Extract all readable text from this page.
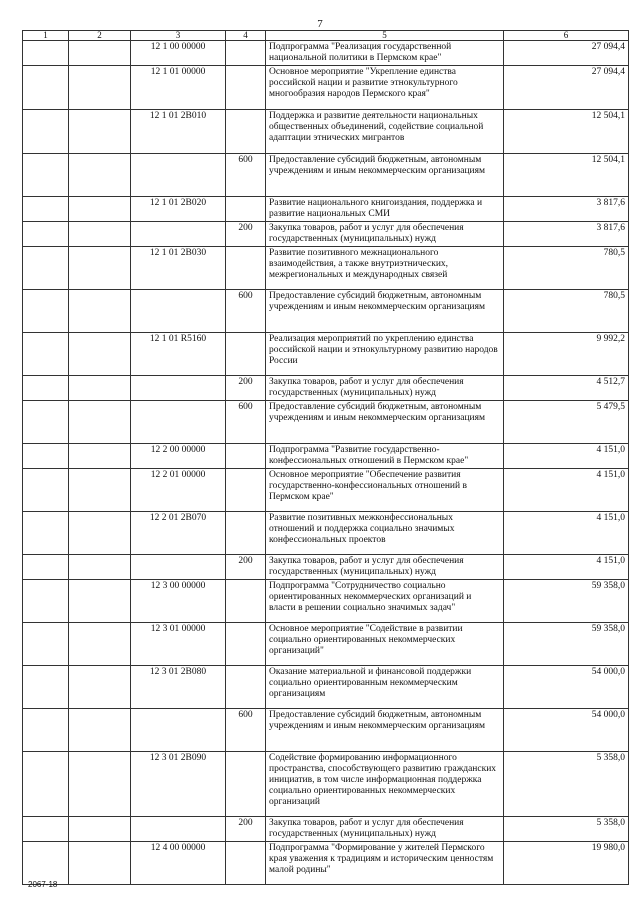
7
1	2	3	4	5	6
		12 1 00 00000		Подпрограмма "Реализация государственной национальной политики в Пермском крае"	27 094,4
		12 1 01 00000		Основное мероприятие "Укрепление единства российской нации и развитие этнокультурного многообразия народов Пермского края"	27 094,4
		12 1 01 2В010		Поддержка и развитие деятельности национальных общественных объединений, содействие социальной адаптации этнических мигрантов	12 504,1
			600	Предоставление субсидий бюджетным, автономным учреждениям и иным некоммерческим организациям	12 504,1
		12 1 01 2В020		Развитие национального книгоиздания, поддержка и развитие национальных СМИ	3 817,6
			200	Закупка товаров, работ и услуг для обеспечения государственных (муниципальных) нужд	3 817,6
		12 1 01 2В030		Развитие позитивного межнационального взаимодействия, а также внутриэтнических, межрегиональных и международных связей	780,5
			600	Предоставление субсидий бюджетным, автономным учреждениям и иным некоммерческим организациям	780,5
		12 1 01 R5160		Реализация мероприятий по укреплению единства российской нации и этнокультурному развитию народов России	9 992,2
			200	Закупка товаров, работ и услуг для обеспечения государственных (муниципальных) нужд	4 512,7
			600	Предоставление субсидий бюджетным, автономным учреждениям и иным некоммерческим организациям	5 479,5
		12 2 00 00000		Подпрограмма "Развитие государственно-конфессиональных отношений в Пермском крае"	4 151,0
		12 2 01 00000		Основное мероприятие "Обеспечение развития государственно-конфессиональных отношений в Пермском крае"	4 151,0
		12 2 01 2В070		Развитие позитивных межконфессиональных отношений и поддержка социально значимых конфессиональных проектов	4 151,0
			200	Закупка товаров, работ и услуг для обеспечения государственных (муниципальных) нужд	4 151,0
		12 3 00 00000		Подпрограмма "Сотрудничество социально ориентированных некоммерческих организаций и власти в решении социально значимых задач"	59 358,0
		12 3 01 00000		Основное мероприятие "Содействие в развитии социально ориентированных некоммерческих организаций"	59 358,0
		12 3 01 2В080		Оказание материальной и финансовой поддержки социально ориентированным некоммерческим организациям	54 000,0
			600	Предоставление субсидий бюджетным, автономным учреждениям и иным некоммерческим организациям	54 000,0
		12 3 01 2В090		Содействие формированию информационного пространства, способствующего развитию гражданских инициатив, в том числе информационная поддержка социально ориентированных некоммерческих организаций	5 358,0
			200	Закупка товаров, работ и услуг для обеспечения государственных (муниципальных) нужд	5 358,0
		12 4 00 00000		Подпрограмма "Формирование у жителей Пермского края уважения к традициям и историческим ценностям малой родины"	19 980,0
2067-18
